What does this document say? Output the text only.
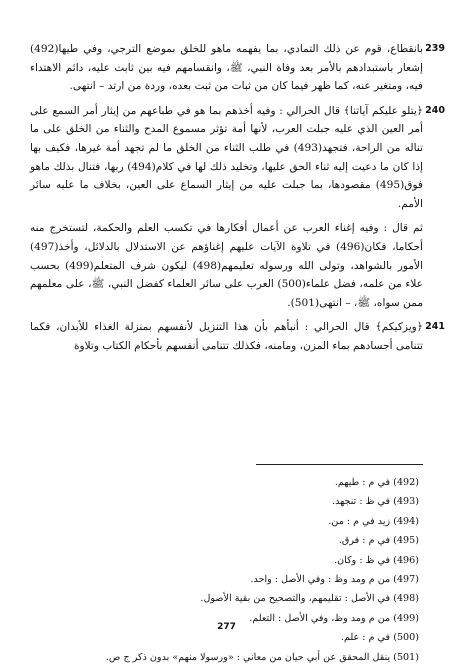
239
بانقطاع، قوم عن ذلك التمادي، بما يفهمه ماهو للخلق بموضع الترجي، وفي طيها(492) إشعار باستبدادهم بالأمر بعد وفاة النبي، ﷺ، وانقسامهم فيه بين ثابت عليه، دائم الاهتداء فيه، ومتغير عنه، كما ظهر فيما كان من ثبات من ثبت بعده، وردة من ارتد – انتهى.

240
﴿يتلو عليكم آياتنا﴾ قال الحرالي : وفيه أخذهم بما هو في طباعهم من إيثار أمر السمع على أمر العين الذي عليه جبلت العرب، لأنها أمة تؤثر مسموع المدح والثناء من الخلق على ما تناله من الراحة، فتجهد(493) في طلب الثناء من الخلق ما لم تجهد أمة غيرها، فكيف بها إذا كان ما دعيت إليه ثناء الحق عليها، وتخليد ذلك لها في كلام(494) ربها، فتنال بذلك ماهو فوق(495) مقصودها، بما جبلت عليه من إيثار السماع على العين، بخلاف ما عليه سائر الأمم.

ثم قال : وفيه إغناء العرب عن أعمال أفكارها في تكسب العلم والحكمة، لتستخرج منه أحكاما، فكان(496) في تلاوة الآيات عليهم إغناؤهم عن الاستدلال بالدلائل، وأخذ(497) الأمور بالشواهد، وتولى الله ورسوله تعليمهم(498) ليكون شرف المتعلم(499) بحسب علاء من علمه، فضل علماء(500) العرب على سائر العلماء كفضل النبي، ﷺ، على معلمهم ممن سواه، ﷺ، – انتهى(501).

241
﴿ويزكيكم﴾ قال الحرالي : أنبأهم بأن هذا التنزيل لأنفسهم بمنزلة الغذاء للأبدان، فكما تتنامى أجسادهم بماء المزن، ومامنه، فكذلك تتنامى أنفسهم بأحكام الكتاب وتلاوة

(492) في م : طيهم.
(493) في ظ : تنجهد.
(494) زيد في م : من.
(495) في م : فرق.
(496) في ظ : وكان.
(497) من م ومد وظ : وفي الأصل : واحد.
(498) في الأصل : تقليمهم، والتصحيح من بقية الأصول.
(499) من م ومد وظ، وفي الأصل : التعلم.
(500) في م : علم.
(501) ينقل المحقق عن أبي حيان من معاني : «ورسولا منهم» بدون ذكر ج ص.
277
